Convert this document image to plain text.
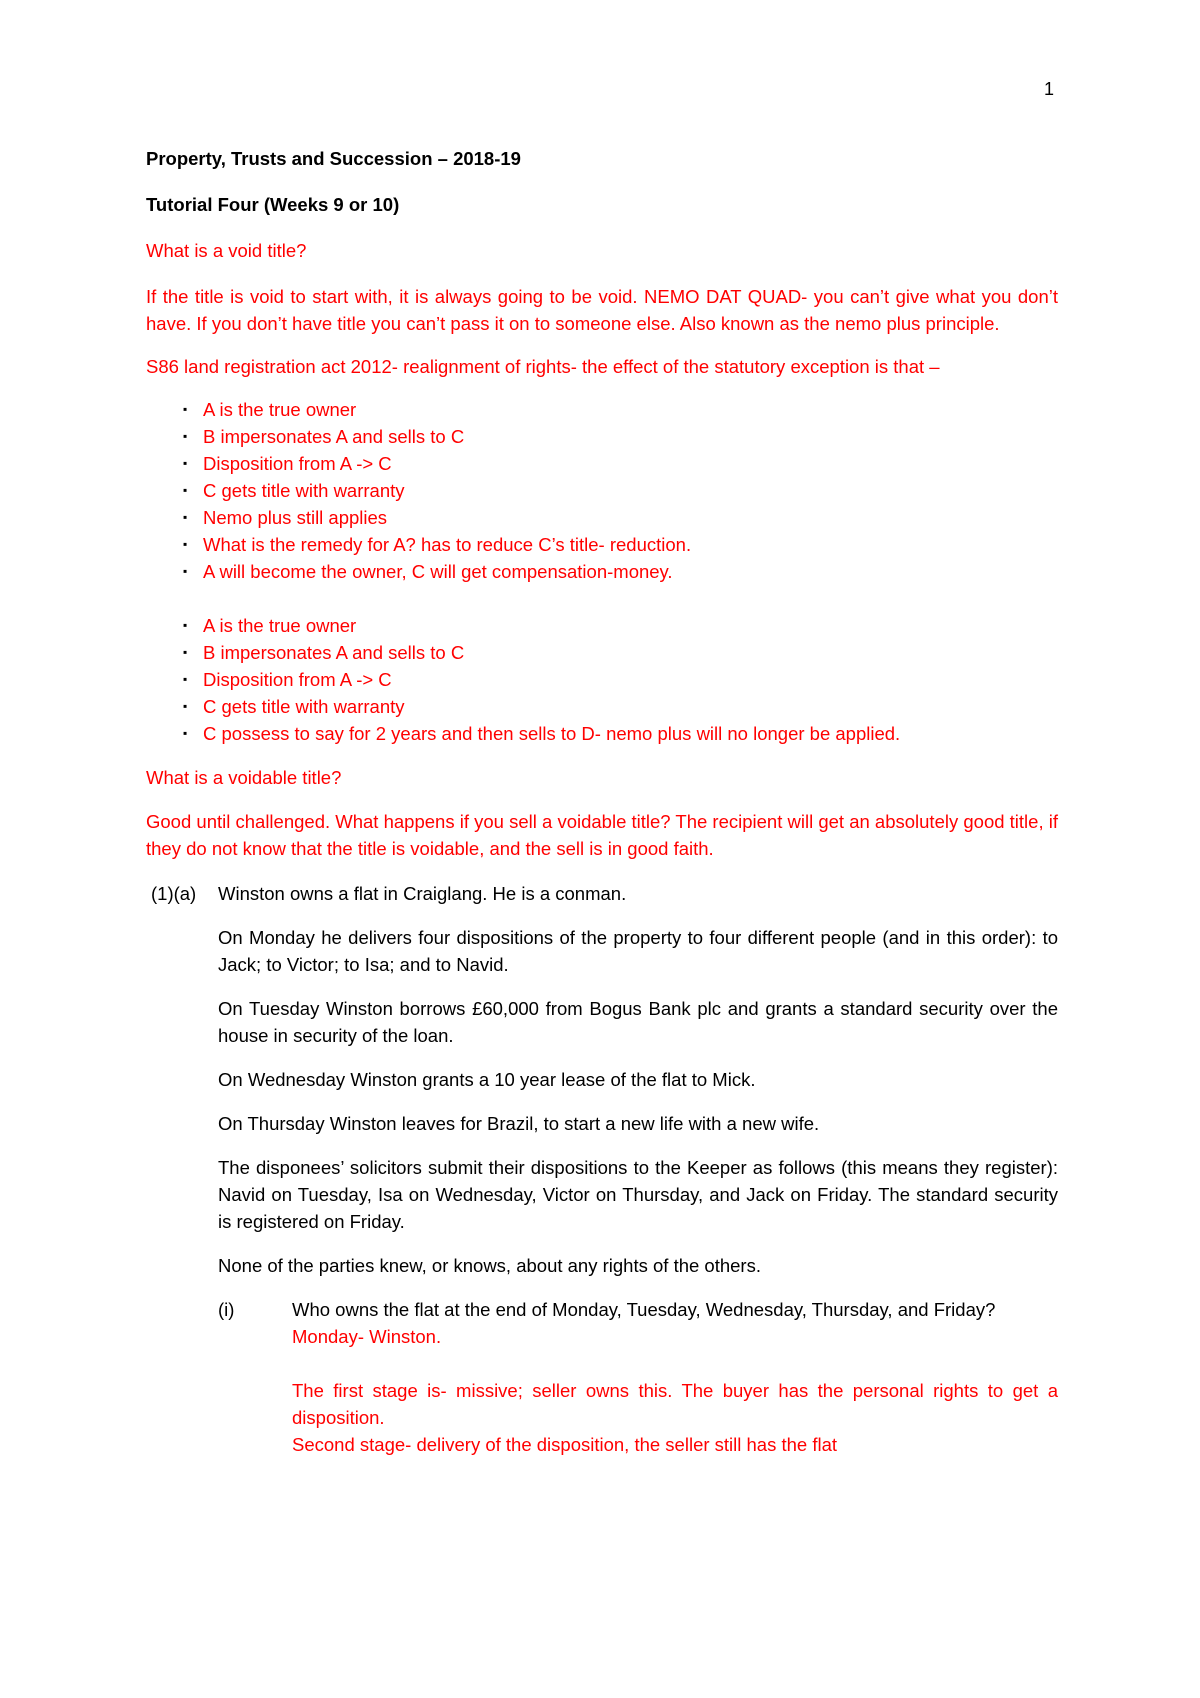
1

Property, Trusts and Succession – 2018-19

Tutorial Four (Weeks 9 or 10)

What is a void title?

If the title is void to start with, it is always going to be void. NEMO DAT QUAD- you can’t give what you don’t have. If you don’t have title you can’t pass it on to someone else. Also known as the nemo plus principle.

S86 land registration act 2012- realignment of rights- the effect of the statutory exception is that –

▪ A is the true owner
▪ B impersonates A and sells to C
▪ Disposition from A -> C
▪ C gets title with warranty
▪ Nemo plus still applies
▪ What is the remedy for A? has to reduce C’s title- reduction.
▪ A will become the owner, C will get compensation-money.
▪ A is the true owner
▪ B impersonates A and sells to C
▪ Disposition from A -> C
▪ C gets title with warranty
▪ C possess to say for 2 years and then sells to D- nemo plus will no longer be applied.

What is a voidable title?

Good until challenged. What happens if you sell a voidable title? The recipient will get an absolutely good title, if they do not know that the title is voidable, and the sell is in good faith.

(1)(a) Winston owns a flat in Craiglang. He is a conman.

On Monday he delivers four dispositions of the property to four different people (and in this order): to Jack; to Victor; to Isa; and to Navid.

On Tuesday Winston borrows £60,000 from Bogus Bank plc and grants a standard security over the house in security of the loan.

On Wednesday Winston grants a 10 year lease of the flat to Mick.

On Thursday Winston leaves for Brazil, to start a new life with a new wife.

The disponees’ solicitors submit their dispositions to the Keeper as follows (this means they register): Navid on Tuesday, Isa on Wednesday, Victor on Thursday, and Jack on Friday. The standard security is registered on Friday.

None of the parties knew, or knows, about any rights of the others.

(i)	Who owns the flat at the end of Monday, Tuesday, Wednesday, Thursday, and Friday?

Monday- Winston.

The first stage is- missive; seller owns this. The buyer has the personal rights to get a disposition.

Second stage- delivery of the disposition, the seller still has the flat
